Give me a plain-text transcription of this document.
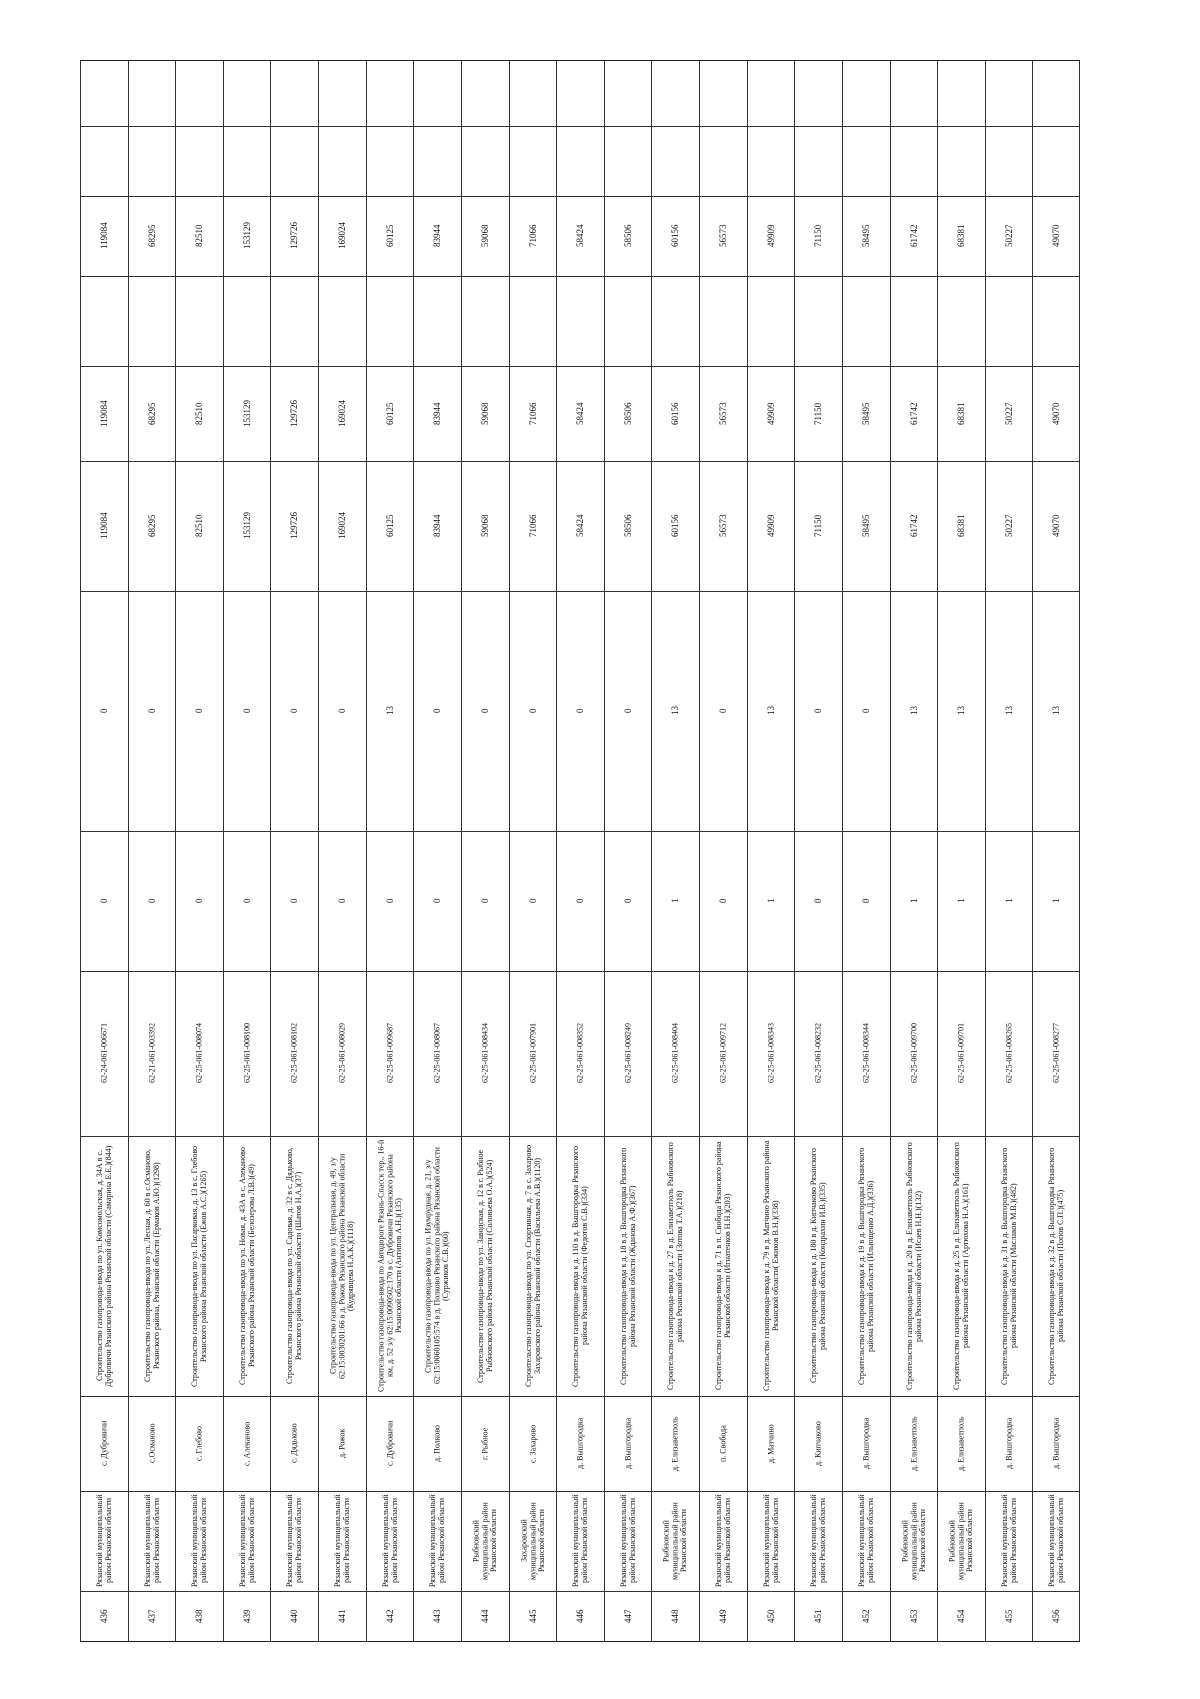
436
Рязанский муниципальный район Рязанской области
с. Дубровичи
Строительство газопровода-ввода по ул. Комсомольская, д. 34А в с. Дубровичи Рязанского района Рязанской области (Самарина Е.Е.)(844)
62-24-061-006671
0
0
119084
119084
119084
437
Рязанский муниципальный район Рязанской области
с.Османово
Строительство газопровода-ввода по ул. Лесная, д. 60 в с.Османово, Рязанского района, Рязанской области (Ермаков А.Ю.)(1298)
62-21-061-003392
0
0
68295
68295
68295
438
Рязанский муниципальный район Рязанской области
с. Глебово
Строительство газопровода-ввода по ул. Пасарковая, д. 13 в с. Глебово Рязанского района Рязанской области (Ежов А.С.)(1265)
62-25-061-008074
0
0
82510
82510
82510
439
Рязанский муниципальный район Рязанской области
с. Алеканово
Строительство газопровода-ввода по ул. Новая, д. 43А в с. Алеканово Рязанского района Рязанской области (Белозерова Л.В.)(49)
62-25-061-008100
0
0
153129
153129
153129
440
Рязанский муниципальный район Рязанской области
с. Дядьково
Строительство газопровода-ввода по ул. Садовая, д. 32 в с. Дядьково, Рязанского района Рязанской области (Шатов Н.А.)(37)
62-25-061-008102
0
0
129726
129726
129726
441
Рязанский муниципальный район Рязанской области
д. Рожок
Строительство газопровода-ввода по ул. Центральная, д. 49, з/у 62:15:0030201:66 в д. Рожок Рязанского района Рязанской области (Кудрявцева Н.А.К.)(1118)
62-25-061-008029
0
0
169024
169024
169024
442
Рязанский муниципальный район Рязанской области
с. Дубровичи
Строительство газопровода-ввода по Автодороге Рязань-Спасск тер., 16-й км, д. 52 з/у 62:15:0090502:170 в с. Дубровичи Рязанского района Рязанской области (Антипов А.Н.)(135)
62-25-061-009687
0
13
60125
60125
60125
443
Рязанский муниципальный район Рязанской области
д. Полково
Строительство газопровода-ввода по ул. Изумрудная, д. 21, з/у 62:15:0060105:574 в д. Полково Рязанского района Рязанской области (Суржиков С.В.)(60)
62-25-061-008067
0
0
83944
83944
83944
444
Рыбновский муниципальный район Рязанской области
г. Рыбное
Строительство газопровода-ввода по ул. Заводская, д. 12 в г. Рыбное Рыбновского района Рязанской области (Соловьева О.А.)(524)
62-25-061-008434
0
0
59068
59068
59068
445
Захаровский муниципальный район Рязанской области
с. Захарово
Строительство газопровода-ввода по ул. Спортивная, д. 7 в с. Захарово Захаровского района Рязанской области (Васильева А.В.)(1120)
62-25-061-007901
0
0
71066
71066
71066
446
Рязанский муниципальный район Рязанской области
д. Вышгородка
Строительство газопровода-ввода к д. 110 в д. Вышгородка Рязанского района Рязанской области (Федотов С.В.)(334)
62-25-061-008352
0
0
58424
58424
58424
447
Рязанский муниципальный район Рязанской области
д. Вышгородка
Строительство газопровода-ввода к д. 18 в д. Вышгородка Рязанского района Рязанской области (Жданова А.Ф.)(367)
62-25-061-008249
0
0
58506
58506
58506
448
Рыбновский муниципальный район Рязанской области
д. Елизаветполь
Строительство газопровода-ввода к д. 27 в д. Елизаветполь Рыбновского района Рязанской области (Зотова Т.А.)(218)
62-25-061-008404
1
13
60156
60156
60156
449
Рязанский муниципальный район Рязанской области
п. Свобода
Строительство газопровода-ввода к д. 71 в п. Свобода Рязанского района Рязанской области (Игнатенков Н.Н.)(203)
62-25-061-009712
0
0
56573
56573
56573
450
Рязанский муниципальный район Рязанской области
д. Матчино
Строительство газопровода-ввода к д. 79 в д. Матчино Рязанского района Рязанской области( Ежиков В.Н.)(338)
62-25-061-008343
1
13
49909
49909
49909
451
Рязанский муниципальный район Рязанской области
д. Кипчаково
Строительство газопровода-ввода к д. 180 в д. Кипчаково Рязанского района Рязанской области (Кондрахин И.В.)(335)
62-25-061-008232
0
0
71150
71150
71150
452
Рязанский муниципальный район Рязанской области
д. Вышгородка
Строительство газопровода-ввода к д. 19 в д. Вышгородка Рязанского района Рязанской области (Ильющенко А.Д.)(336)
62-25-061-008344
0
0
58495
58495
58495
453
Рыбновский муниципальный район Рязанской области
д. Елизаветполь
Строительство газопровода-ввода к д. 20 в д. Елизаветполь Рыбновского района Рязанской области (Исаев Н.Н.)(132)
62-25-061-009700
1
13
61742
61742
61742
454
Рыбновский муниципальный район Рязанской области
д. Елизаветполь
Строительство газопровода-ввода к д. 25 в д. Елизаветполь Рыбновского района Рязанской области (Артюхова Н.А.)(161)
62-25-061-009701
1
13
68381
68381
68381
455
Рязанский муниципальный район Рязанской области
д. Вышгородка
Строительство газопровода-ввода к д. 31 в д. Вышгородка Рязанского района Рязанской области (Маслаков М.В.)(482)
62-25-061-008265
1
13
50227
50227
50227
456
Рязанский муниципальный район Рязанской области
д. Вышгородка
Строительство газопровода-ввода к д. 32 в д. Вышгородка Рязанского района Рязанской области (Попов С.П.)(475)
62-25-061-008277
1
13
49070
49070
49070
